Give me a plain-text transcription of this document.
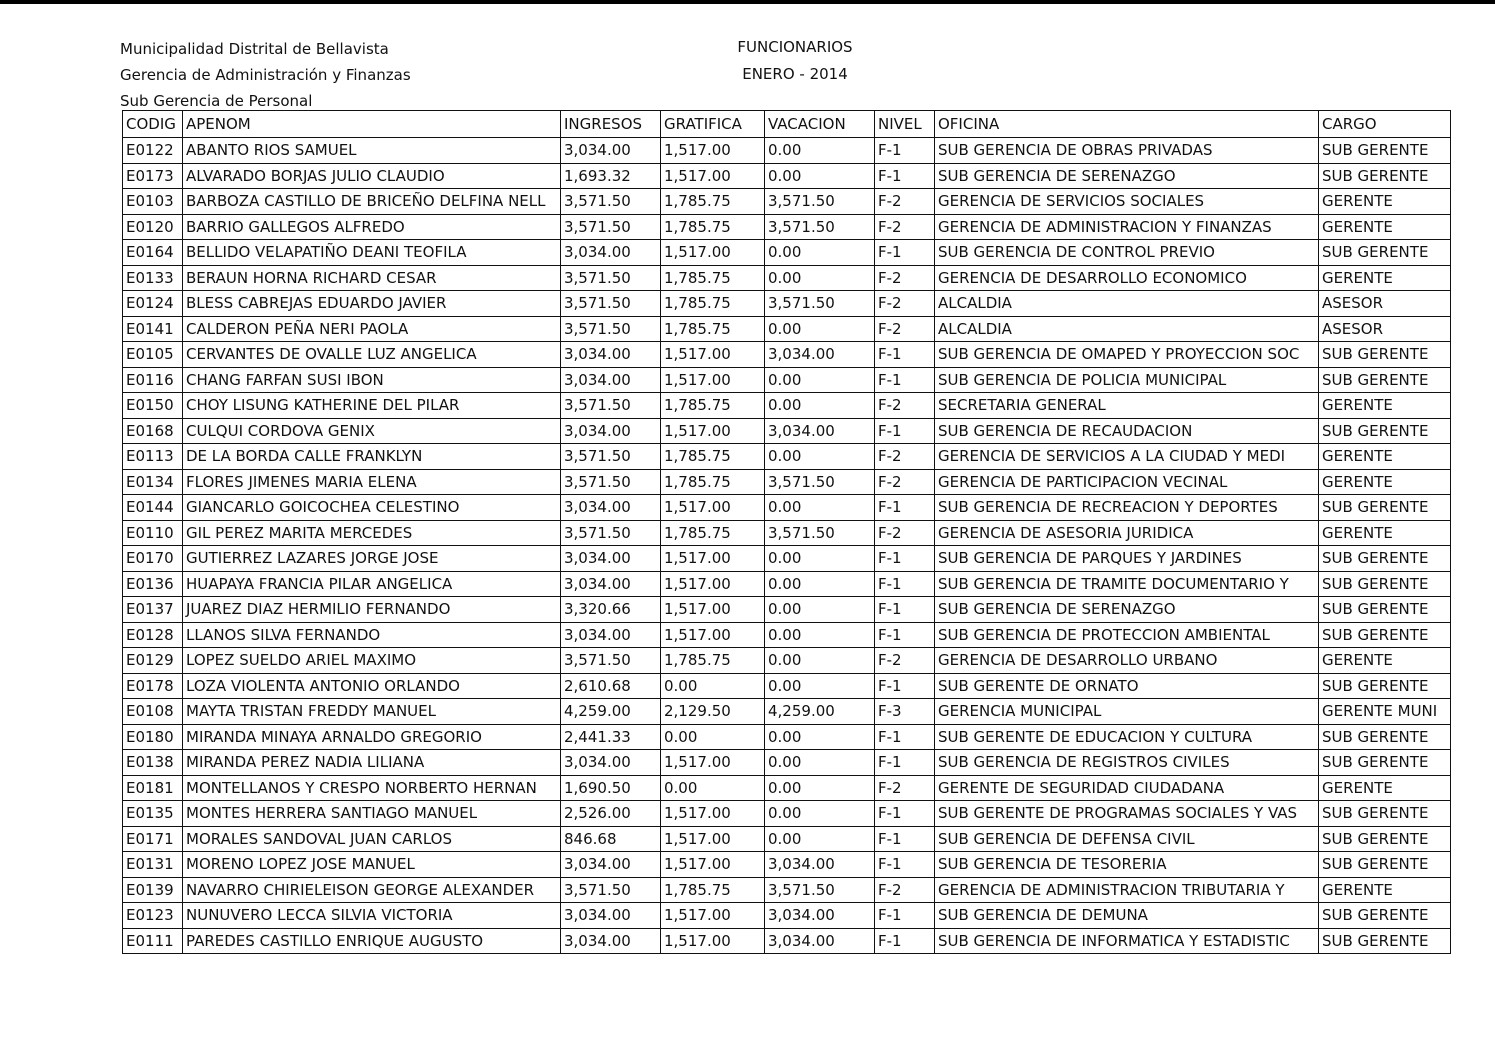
Municipalidad Distrital de Bellavista
Gerencia de Administración y Finanzas
Sub Gerencia de Personal
FUNCIONARIOS
ENERO - 2014
CODIG	APENOM	INGRESOS	GRATIFICA	VACACION	NIVEL	OFICINA	CARGO
E0122	ABANTO RIOS SAMUEL	3,034.00	1,517.00	0.00	F-1	SUB GERENCIA DE OBRAS PRIVADAS	SUB GERENTE
E0173	ALVARADO BORJAS JULIO CLAUDIO	1,693.32	1,517.00	0.00	F-1	SUB GERENCIA DE SERENAZGO	SUB GERENTE
E0103	BARBOZA CASTILLO DE BRICEÑO DELFINA NELL	3,571.50	1,785.75	3,571.50	F-2	GERENCIA DE SERVICIOS SOCIALES	GERENTE
E0120	BARRIO GALLEGOS ALFREDO	3,571.50	1,785.75	3,571.50	F-2	GERENCIA DE ADMINISTRACION Y FINANZAS	GERENTE
E0164	BELLIDO VELAPATIÑO DEANI TEOFILA	3,034.00	1,517.00	0.00	F-1	SUB GERENCIA DE CONTROL PREVIO	SUB GERENTE
E0133	BERAUN HORNA RICHARD CESAR	3,571.50	1,785.75	0.00	F-2	GERENCIA DE DESARROLLO ECONOMICO	GERENTE
E0124	BLESS CABREJAS EDUARDO JAVIER	3,571.50	1,785.75	3,571.50	F-2	ALCALDIA	ASESOR
E0141	CALDERON PEÑA NERI PAOLA	3,571.50	1,785.75	0.00	F-2	ALCALDIA	ASESOR
E0105	CERVANTES DE OVALLE LUZ ANGELICA	3,034.00	1,517.00	3,034.00	F-1	SUB GERENCIA DE OMAPED Y PROYECCION SOC	SUB GERENTE
E0116	CHANG FARFAN SUSI IBON	3,034.00	1,517.00	0.00	F-1	SUB GERENCIA DE POLICIA MUNICIPAL	SUB GERENTE
E0150	CHOY LISUNG KATHERINE DEL PILAR	3,571.50	1,785.75	0.00	F-2	SECRETARIA GENERAL	GERENTE
E0168	CULQUI CORDOVA GENIX	3,034.00	1,517.00	3,034.00	F-1	SUB GERENCIA DE RECAUDACION	SUB GERENTE
E0113	DE LA BORDA CALLE FRANKLYN	3,571.50	1,785.75	0.00	F-2	GERENCIA DE SERVICIOS A LA CIUDAD Y MEDI	GERENTE
E0134	FLORES JIMENES MARIA ELENA	3,571.50	1,785.75	3,571.50	F-2	GERENCIA DE PARTICIPACION VECINAL	GERENTE
E0144	GIANCARLO GOICOCHEA CELESTINO	3,034.00	1,517.00	0.00	F-1	SUB GERENCIA DE RECREACION Y DEPORTES	SUB GERENTE
E0110	GIL PEREZ MARITA MERCEDES	3,571.50	1,785.75	3,571.50	F-2	GERENCIA DE ASESORIA JURIDICA	GERENTE
E0170	GUTIERREZ LAZARES JORGE JOSE	3,034.00	1,517.00	0.00	F-1	SUB GERENCIA DE PARQUES Y JARDINES	SUB GERENTE
E0136	HUAPAYA FRANCIA PILAR ANGELICA	3,034.00	1,517.00	0.00	F-1	SUB GERENCIA DE TRAMITE DOCUMENTARIO Y	SUB GERENTE
E0137	JUAREZ DIAZ HERMILIO FERNANDO	3,320.66	1,517.00	0.00	F-1	SUB GERENCIA DE SERENAZGO	SUB GERENTE
E0128	LLANOS SILVA FERNANDO	3,034.00	1,517.00	0.00	F-1	SUB GERENCIA DE PROTECCION AMBIENTAL	SUB GERENTE
E0129	LOPEZ SUELDO ARIEL MAXIMO	3,571.50	1,785.75	0.00	F-2	GERENCIA DE DESARROLLO URBANO	GERENTE
E0178	LOZA VIOLENTA ANTONIO ORLANDO	2,610.68	0.00	0.00	F-1	SUB GERENTE DE ORNATO	SUB GERENTE
E0108	MAYTA TRISTAN FREDDY MANUEL	4,259.00	2,129.50	4,259.00	F-3	GERENCIA MUNICIPAL	GERENTE MUNI
E0180	MIRANDA MINAYA ARNALDO GREGORIO	2,441.33	0.00	0.00	F-1	SUB GERENTE DE EDUCACION Y CULTURA	SUB GERENTE
E0138	MIRANDA PEREZ NADIA LILIANA	3,034.00	1,517.00	0.00	F-1	SUB GERENCIA DE REGISTROS CIVILES	SUB GERENTE
E0181	MONTELLANOS Y CRESPO NORBERTO HERNAN	1,690.50	0.00	0.00	F-2	GERENTE DE SEGURIDAD CIUDADANA	GERENTE
E0135	MONTES HERRERA SANTIAGO MANUEL	2,526.00	1,517.00	0.00	F-1	SUB GERENTE DE PROGRAMAS SOCIALES Y VAS	SUB GERENTE
E0171	MORALES SANDOVAL JUAN CARLOS	846.68	1,517.00	0.00	F-1	SUB GERENCIA DE DEFENSA CIVIL	SUB GERENTE
E0131	MORENO LOPEZ JOSE MANUEL	3,034.00	1,517.00	3,034.00	F-1	SUB GERENCIA DE TESORERIA	SUB GERENTE
E0139	NAVARRO CHIRIELEISON GEORGE ALEXANDER	3,571.50	1,785.75	3,571.50	F-2	GERENCIA DE ADMINISTRACION TRIBUTARIA Y	GERENTE
E0123	NUNUVERO LECCA SILVIA VICTORIA	3,034.00	1,517.00	3,034.00	F-1	SUB GERENCIA DE DEMUNA	SUB GERENTE
E0111	PAREDES CASTILLO ENRIQUE AUGUSTO	3,034.00	1,517.00	3,034.00	F-1	SUB GERENCIA DE INFORMATICA Y ESTADISTIC	SUB GERENTE
